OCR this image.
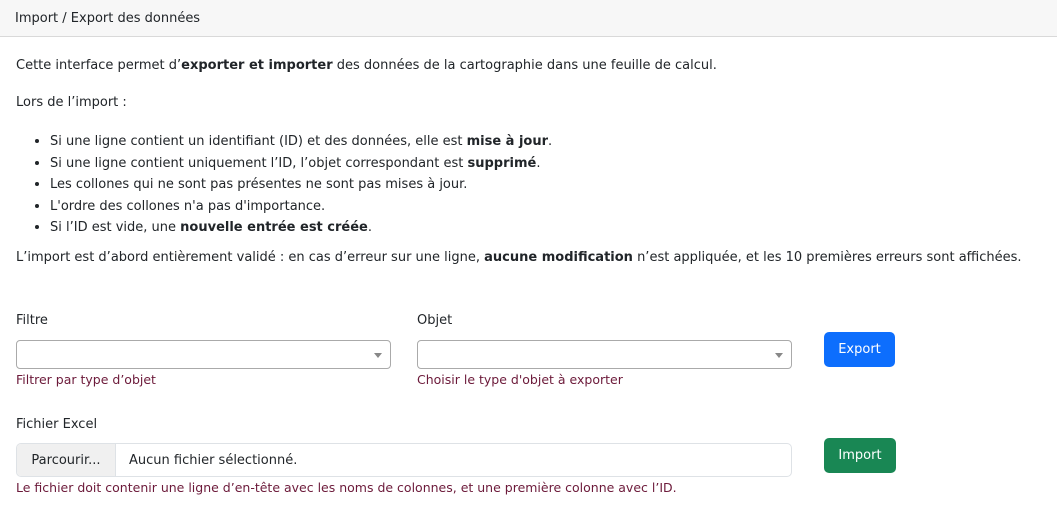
Import / Export des données

Cette interface permet d’exporter et importer des données de la cartographie dans une feuille de calcul.

Lors de l’import :

• Si une ligne contient un identifiant (ID) et des données, elle est mise à jour.
• Si une ligne contient uniquement l’ID, l’objet correspondant est supprimé.
• Les collones qui ne sont pas présentes ne sont pas mises à jour.
• L'ordre des collones n'a pas d'importance.
• Si l’ID est vide, une nouvelle entrée est créée.

L’import est d’abord entièrement validé : en cas d’erreur sur une ligne, aucune modification n’est appliquée, et les 10 premières erreurs sont affichées.

Filtre
Filtrer par type d’objet
Objet
Choisir le type d'objet à exporter
Export
Fichier Excel
Parcourir...	Aucun fichier sélectionné.
Le fichier doit contenir une ligne d’en-tête avec les noms de colonnes, et une première colonne avec l’ID.
Import
